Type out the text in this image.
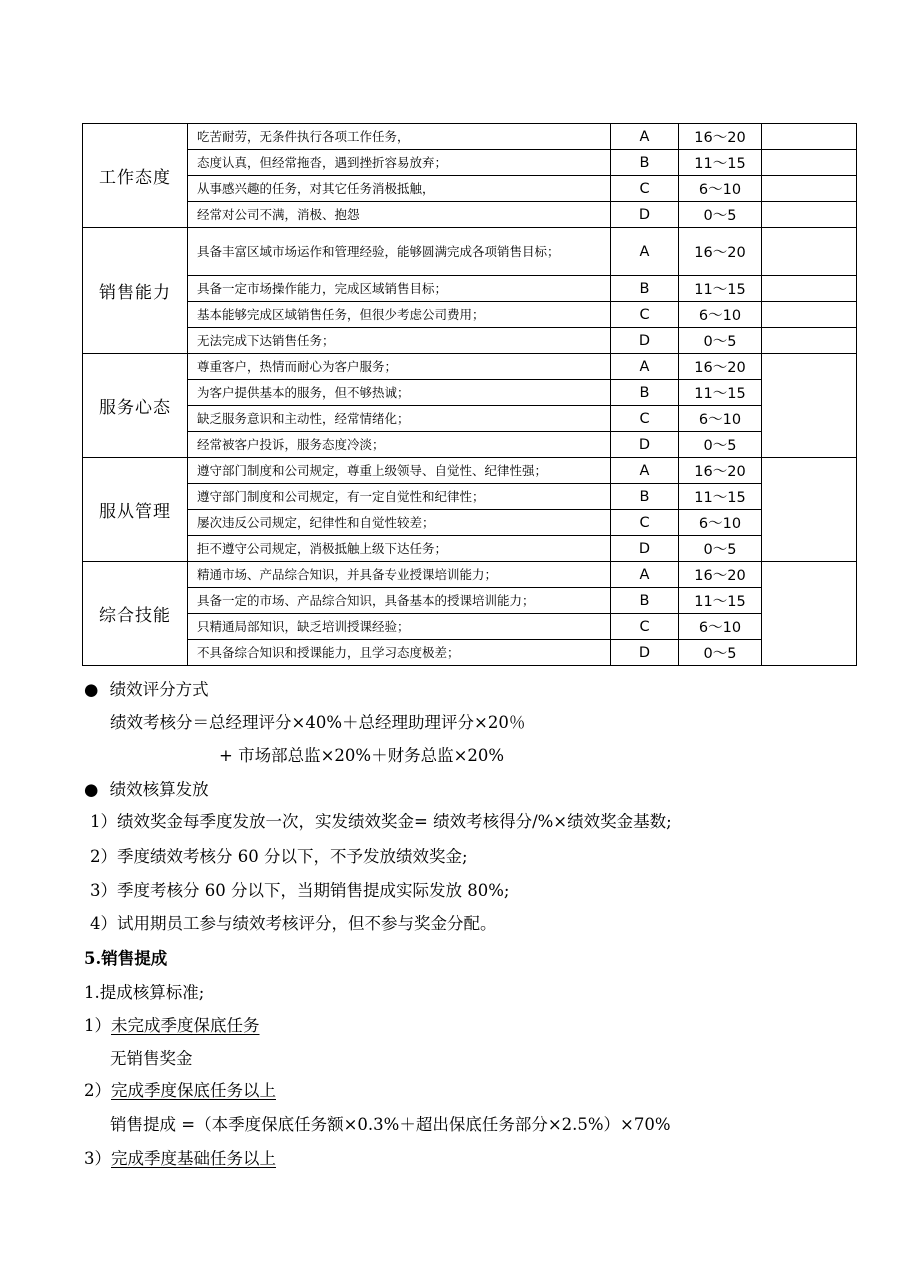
工作态度	吃苦耐劳，无条件执行各项工作任务，	A	16～20	
	态度认真，但经常拖沓，遇到挫折容易放弃；	B	11～15	
	从事感兴趣的任务，对其它任务消极抵触，	C	6～10	
	经常对公司不满，消极、抱怨	D	0～5	
销售能力	具备丰富区域市场运作和管理经验，能够圆满完成各项销售目标；	A	16～20	
	具备一定市场操作能力，完成区域销售目标；	B	11～15	
	基本能够完成区域销售任务，但很少考虑公司费用；	C	6～10	
	无法完成下达销售任务；	D	0～5	
服务心态	尊重客户，热情而耐心为客户服务；	A	16～20	
	为客户提供基本的服务，但不够热诚；	B	11～15	
	缺乏服务意识和主动性，经常情绪化；	C	6～10	
	经常被客户投诉，服务态度冷淡；	D	0～5	
服从管理	遵守部门制度和公司规定，尊重上级领导、自觉性、纪律性强；	A	16～20	
	遵守部门制度和公司规定，有一定自觉性和纪律性；	B	11～15	
	屡次违反公司规定，纪律性和自觉性较差；	C	6～10	
	拒不遵守公司规定，消极抵触上级下达任务；	D	0～5	
综合技能	精通市场、产品综合知识，并具备专业授课培训能力；	A	16～20	
	具备一定的市场、产品综合知识，具备基本的授课培训能力；	B	11～15	
	只精通局部知识，缺乏培训授课经验；	C	6～10	
	不具备综合知识和授课能力，且学习态度极差；	D	0～5	
● 绩效评分方式
绩效考核分＝总经理评分×40%＋总经理助理评分×20％
+ 市场部总监×20%＋财务总监×20%
● 绩效核算发放
1）绩效奖金每季度发放一次，实发绩效奖金= 绩效考核得分/%×绩效奖金基数;
2）季度绩效考核分 60 分以下，不予发放绩效奖金;
3）季度考核分 60 分以下，当期销售提成实际发放 80%;
4）试用期员工参与绩效考核评分，但不参与奖金分配。
5.销售提成
1.提成核算标准;
1）未完成季度保底任务
无销售奖金
2）完成季度保底任务以上
销售提成 =（本季度保底任务额×0.3%＋超出保底任务部分×2.5%）×70%
3）完成季度基础任务以上
